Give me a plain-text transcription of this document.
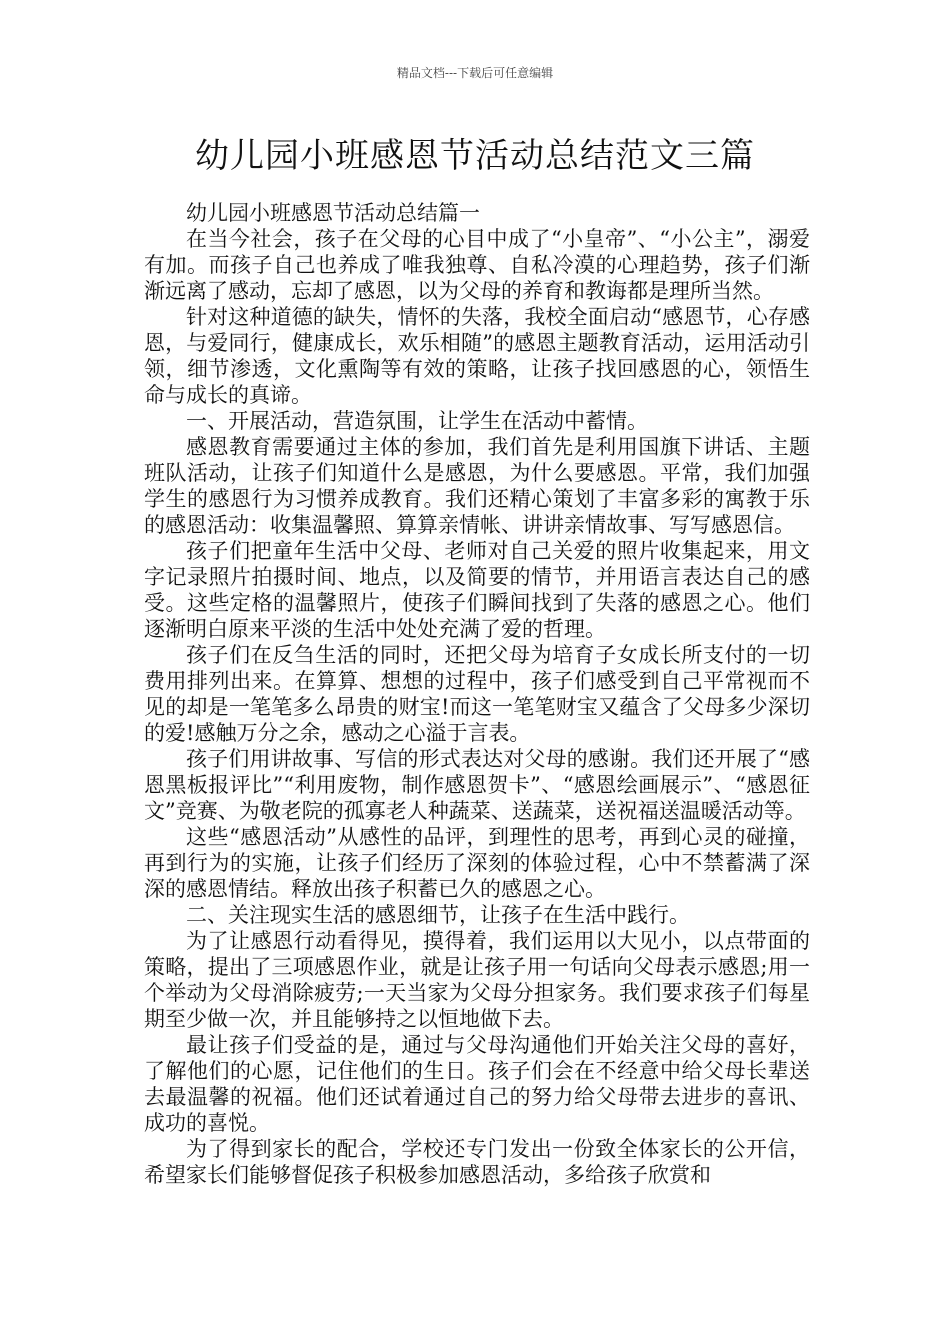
精品文档---下载后可任意编辑
幼儿园小班感恩节活动总结范文三篇

幼儿园小班感恩节活动总结篇一

在当今社会，孩子在父母的心目中成了“小皇帝”、“小公主”，溺爱有加。而孩子自己也养成了唯我独尊、自私冷漠的心理趋势，孩子们渐渐远离了感动，忘却了感恩，以为父母的养育和教诲都是理所当然。

针对这种道德的缺失，情怀的失落，我校全面启动“感恩节，心存感恩，与爱同行，健康成长，欢乐相随”的感恩主题教育活动，运用活动引领，细节渗透，文化熏陶等有效的策略，让孩子找回感恩的心，领悟生命与成长的真谛。

一、开展活动，营造氛围，让学生在活动中蓄情。

感恩教育需要通过主体的参加，我们首先是利用国旗下讲话、主题班队活动，让孩子们知道什么是感恩，为什么要感恩。平常，我们加强学生的感恩行为习惯养成教育。我们还精心策划了丰富多彩的寓教于乐的感恩活动：收集温馨照、算算亲情帐、讲讲亲情故事、写写感恩信。

孩子们把童年生活中父母、老师对自己关爱的照片收集起来，用文字记录照片拍摄时间、地点，以及简要的情节，并用语言表达自己的感受。这些定格的温馨照片，使孩子们瞬间找到了失落的感恩之心。他们逐渐明白原来平淡的生活中处处充满了爱的哲理。

孩子们在反刍生活的同时，还把父母为培育子女成长所支付的一切费用排列出来。在算算、想想的过程中，孩子们感受到自己平常视而不见的却是一笔笔多么昂贵的财宝!而这一笔笔财宝又蕴含了父母多少深切的爱!感触万分之余，感动之心溢于言表。

孩子们用讲故事、写信的形式表达对父母的感谢。我们还开展了“感恩黑板报评比”“利用废物，制作感恩贺卡”、“感恩绘画展示”、“感恩征文”竞赛、为敬老院的孤寡老人种蔬菜、送蔬菜，送祝福送温暖活动等。

这些“感恩活动”从感性的品评，到理性的思考，再到心灵的碰撞，再到行为的实施，让孩子们经历了深刻的体验过程，心中不禁蓄满了深深的感恩情结。释放出孩子积蓄已久的感恩之心。

二、关注现实生活的感恩细节，让孩子在生活中践行。

为了让感恩行动看得见，摸得着，我们运用以大见小，以点带面的策略，提出了三项感恩作业，就是让孩子用一句话向父母表示感恩;用一个举动为父母消除疲劳;一天当家为父母分担家务。我们要求孩子们每星期至少做一次，并且能够持之以恒地做下去。

最让孩子们受益的是，通过与父母沟通他们开始关注父母的喜好，了解他们的心愿，记住他们的生日。孩子们会在不经意中给父母长辈送去最温馨的祝福。他们还试着通过自己的努力给父母带去进步的喜讯、成功的喜悦。

为了得到家长的配合，学校还专门发出一份致全体家长的公开信，希望家长们能够督促孩子积极参加感恩活动，多给孩子欣赏和
